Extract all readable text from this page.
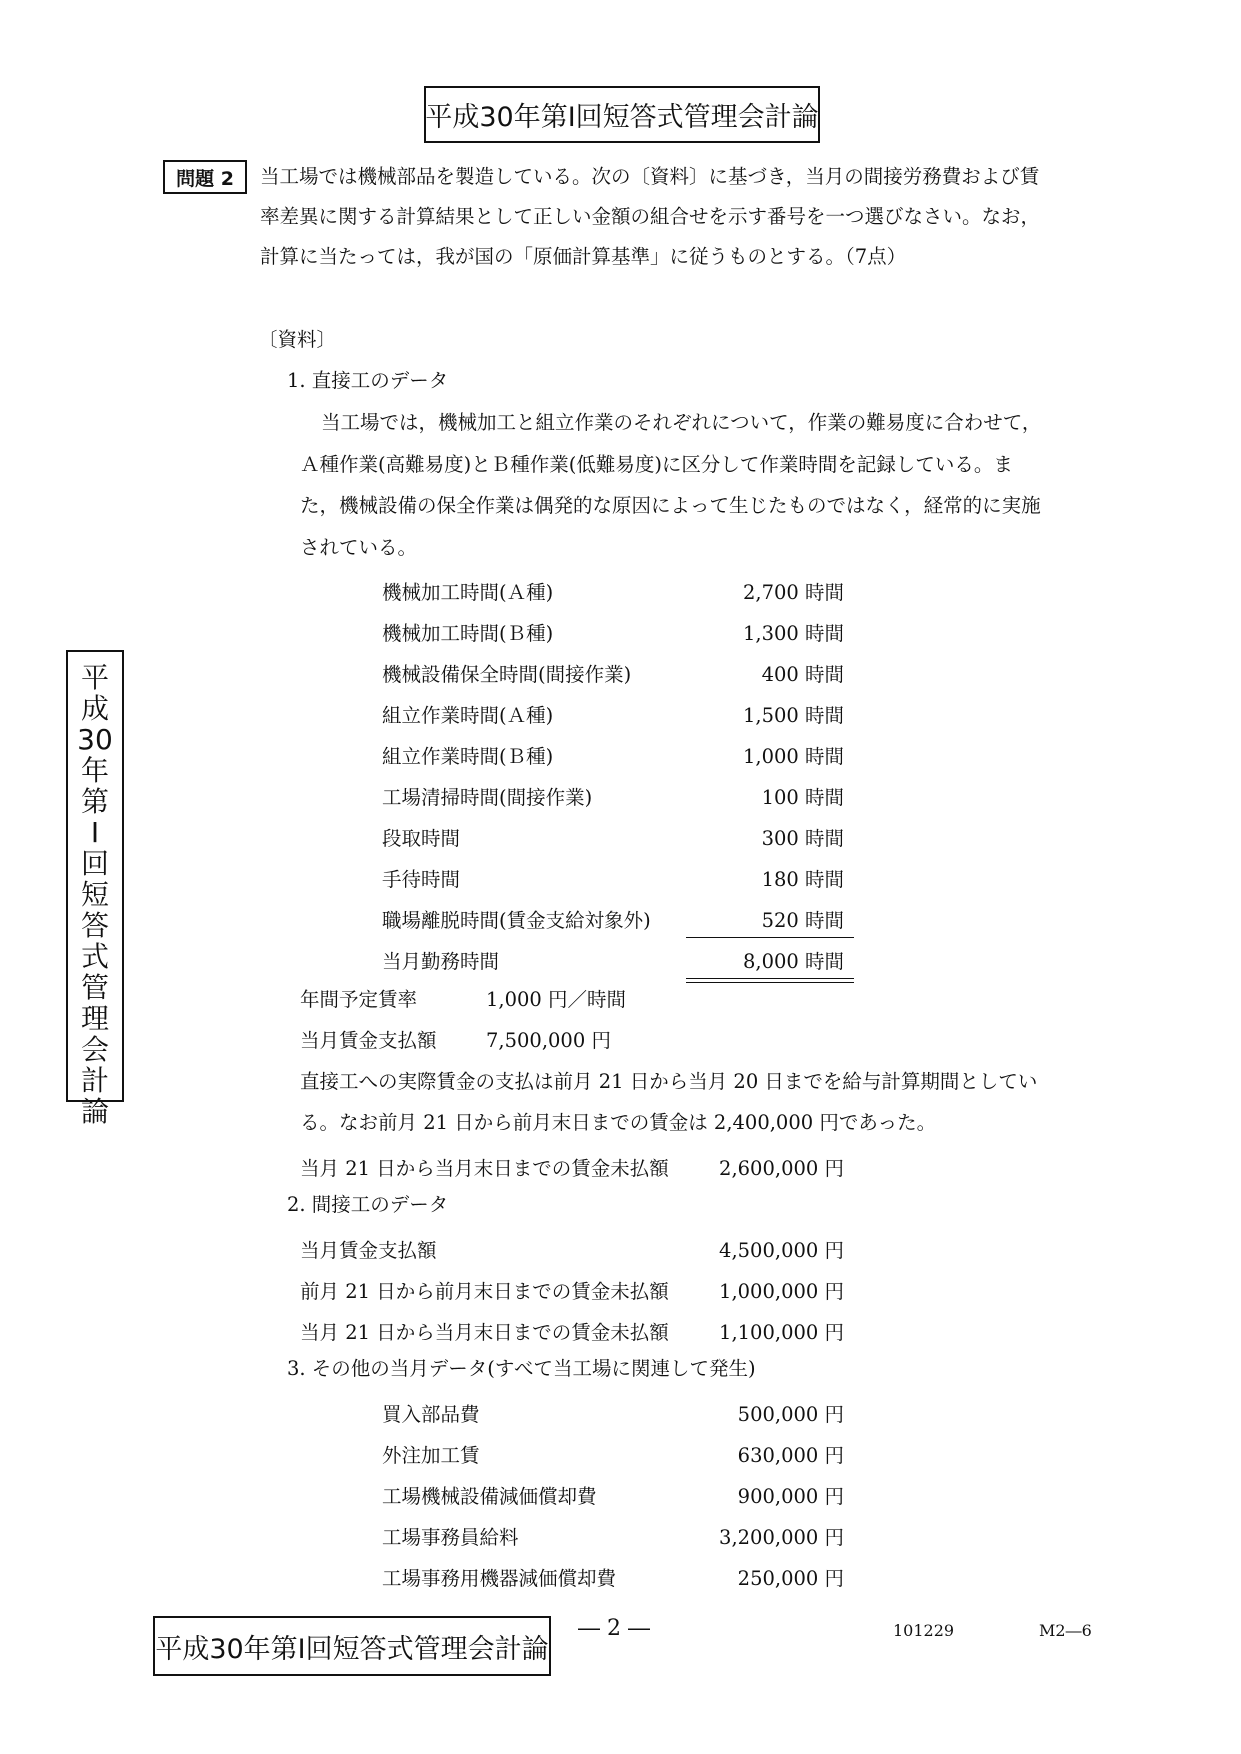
平成30年第Ⅰ回短答式管理会計論
問題 2	当工場では機械部品を製造している。次の〔資料〕に基づき，当月の間接労務費および賃
率差異に関する計算結果として正しい金額の組合せを示す番号を一つ選びなさい。なお，
計算に当たっては，我が国の「原価計算基準」に従うものとする。（7点）
〔資料〕
1. 直接工のデータ
当工場では，機械加工と組立作業のそれぞれについて，作業の難易度に合わせて，
Ａ種作業(高難易度)とＢ種作業(低難易度)に区分して作業時間を記録している。ま
た，機械設備の保全作業は偶発的な原因によって生じたものではなく，経常的に実施
されている。
機械加工時間(Ａ種)	2,700 時間
機械加工時間(Ｂ種)	1,300 時間
機械設備保全時間(間接作業)	400 時間
組立作業時間(Ａ種)	1,500 時間
組立作業時間(Ｂ種)	1,000 時間
工場清掃時間(間接作業)	100 時間
段取時間	300 時間
手待時間	180 時間
職場離脱時間(賃金支給対象外)	520 時間
当月勤務時間	8,000 時間
年間予定賃率	1,000 円／時間
当月賃金支払額	7,500,000 円
直接工への実際賃金の支払は前月 21 日から当月 20 日までを給与計算期間としてい
る。なお前月 21 日から前月末日までの賃金は 2,400,000 円であった。
当月 21 日から当月末日までの賃金未払額	2,600,000 円
2. 間接工のデータ
当月賃金支払額	4,500,000 円
前月 21 日から前月末日までの賃金未払額	1,000,000 円
当月 21 日から当月末日までの賃金未払額	1,100,000 円
3. その他の当月データ(すべて当工場に関連して発生)
買入部品費	500,000 円
外注加工賃	630,000 円
工場機械設備減価償却費	900,000 円
工場事務員給料	3,200,000 円
工場事務用機器減価償却費	250,000 円
平
成
30
年
第
Ⅰ
回
短
答
式
管
理
会
計
論
平成30年第Ⅰ回短答式管理会計論
― 2 ―	101229	M2―6
